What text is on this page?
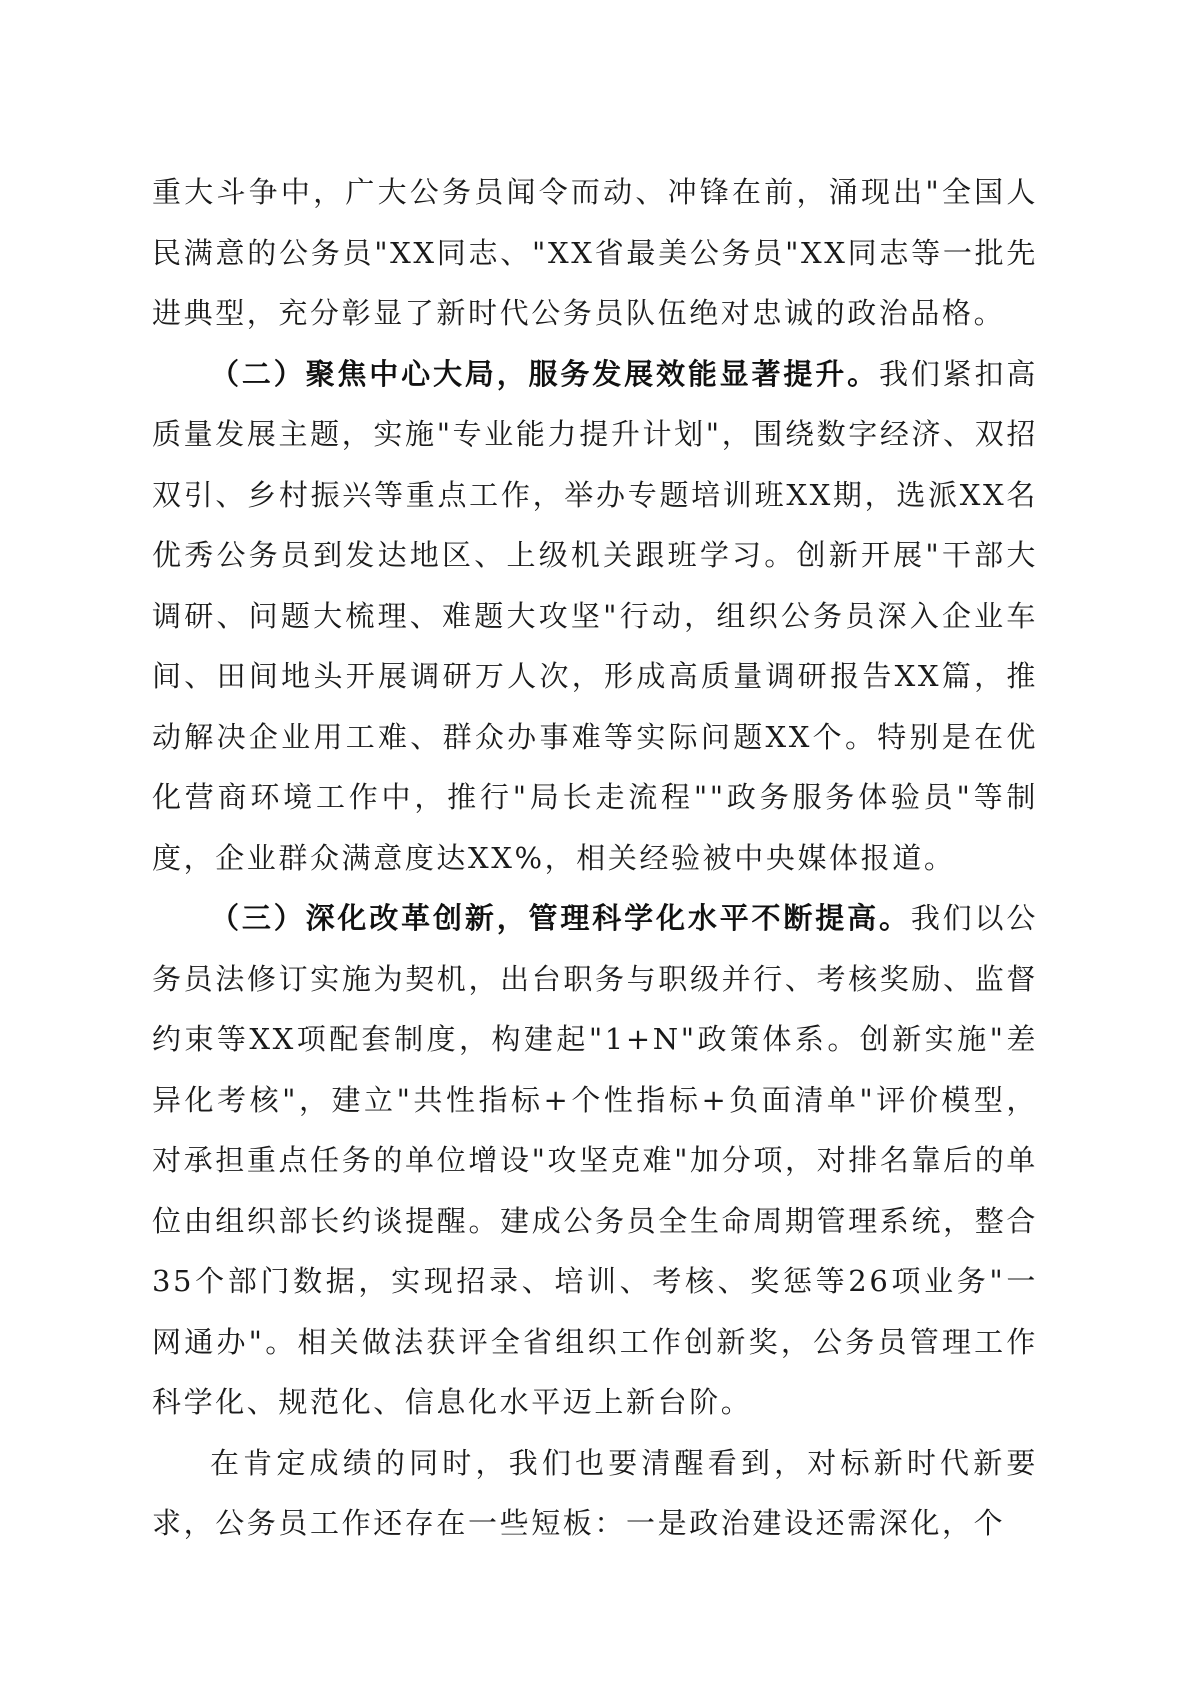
重大斗争中，广大公务员闻令而动、冲锋在前，涌现出"全国人民满意的公务员"XX同志、"XX省最美公务员"XX同志等一批先进典型，充分彰显了新时代公务员队伍绝对忠诚的政治品格。

（二）聚焦中心大局，服务发展效能显著提升。我们紧扣高质量发展主题，实施"专业能力提升计划"，围绕数字经济、双招双引、乡村振兴等重点工作，举办专题培训班XX期，选派XX名优秀公务员到发达地区、上级机关跟班学习。创新开展"干部大调研、问题大梳理、难题大攻坚"行动，组织公务员深入企业车间、田间地头开展调研万人次，形成高质量调研报告XX篇，推动解决企业用工难、群众办事难等实际问题XX个。特别是在优化营商环境工作中，推行"局长走流程""政务服务体验员"等制度，企业群众满意度达XX%，相关经验被中央媒体报道。

（三）深化改革创新，管理科学化水平不断提高。我们以公务员法修订实施为契机，出台职务与职级并行、考核奖励、监督约束等XX项配套制度，构建起"1+N"政策体系。创新实施"差异化考核"，建立"共性指标+个性指标+负面清单"评价模型，对承担重点任务的单位增设"攻坚克难"加分项，对排名靠后的单位由组织部长约谈提醒。建成公务员全生命周期管理系统，整合35个部门数据，实现招录、培训、考核、奖惩等26项业务"一网通办"。相关做法获评全省组织工作创新奖，公务员管理工作科学化、规范化、信息化水平迈上新台阶。

在肯定成绩的同时，我们也要清醒看到，对标新时代新要求，公务员工作还存在一些短板：一是政治建设还需深化，个
